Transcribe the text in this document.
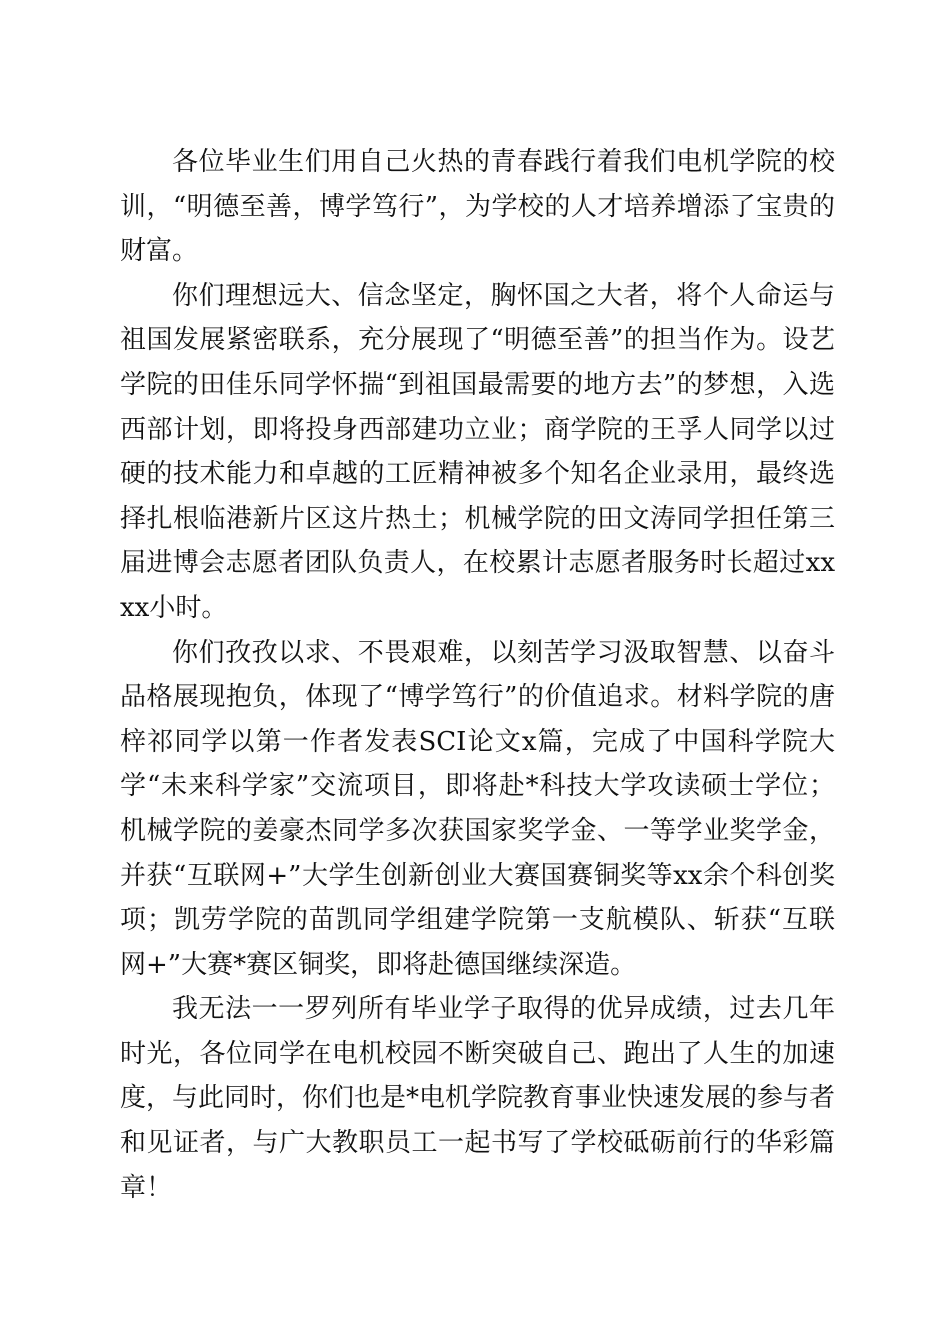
各位毕业生们用自己火热的青春践行着我们电机学院的校训，“明德至善，博学笃行”，为学校的人才培养增添了宝贵的财富。

你们理想远大、信念坚定，胸怀国之大者，将个人命运与祖国发展紧密联系，充分展现了“明德至善”的担当作为。设艺学院的田佳乐同学怀揣“到祖国最需要的地方去”的梦想，入选西部计划，即将投身西部建功立业；商学院的王孚人同学以过硬的技术能力和卓越的工匠精神被多个知名企业录用，最终选择扎根临港新片区这片热土；机械学院的田文涛同学担任第三届进博会志愿者团队负责人，在校累计志愿者服务时长超过xxxx小时。

你们孜孜以求、不畏艰难，以刻苦学习汲取智慧、以奋斗品格展现抱负，体现了“博学笃行”的价值追求。材料学院的唐梓祁同学以第一作者发表SCI论文x篇，完成了中国科学院大学“未来科学家”交流项目，即将赴*科技大学攻读硕士学位；机械学院的姜豪杰同学多次获国家奖学金、一等学业奖学金，并获“互联网+”大学生创新创业大赛国赛铜奖等xx余个科创奖项；凯劳学院的苗凯同学组建学院第一支航模队、斩获“互联网+”大赛*赛区铜奖，即将赴德国继续深造。

我无法一一罗列所有毕业学子取得的优异成绩，过去几年时光，各位同学在电机校园不断突破自己、跑出了人生的加速度，与此同时，你们也是*电机学院教育事业快速发展的参与者和见证者，与广大教职员工一起书写了学校砥砺前行的华彩篇章！
